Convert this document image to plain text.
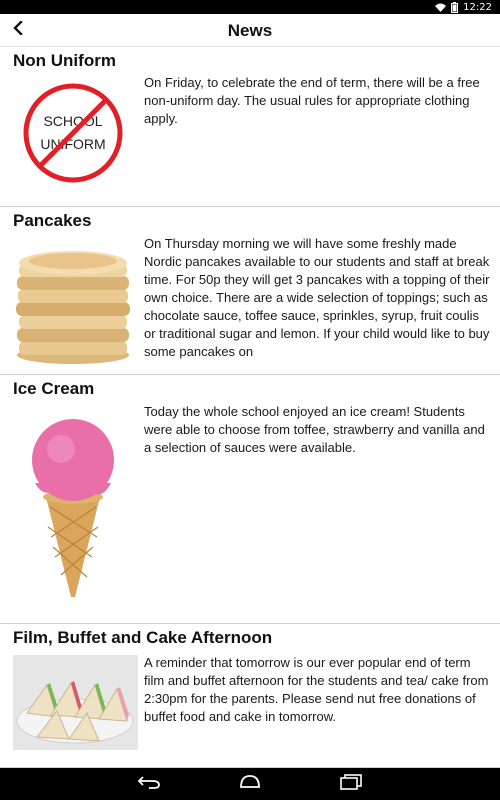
12:22
News
Non Uniform
SCHOOL
UNIFORM
On Friday, to celebrate the end of term, there will be a free non-uniform day. The usual rules for appropriate clothing apply.
Pancakes
On Thursday morning we will have some freshly made Nordic pancakes available to our students and staff at break time. For 50p they will get 3 pancakes with a topping of their own choice. There are a wide selection of toppings; such as chocolate sauce, toffee sauce, sprinkles, syrup, fruit coulis or traditional sugar and lemon. If your child would like to buy some pancakes on
Ice Cream
Today the whole school enjoyed an ice cream! Students were able to choose from toffee, strawberry and vanilla and a selection of sauces were available.
Film, Buffet and Cake Afternoon
A reminder that tomorrow is our ever popular end of term film and buffet afternoon for the students and tea/ cake from 2:30pm for the parents. Please send nut free donations of buffet food and cake in tomorrow.
